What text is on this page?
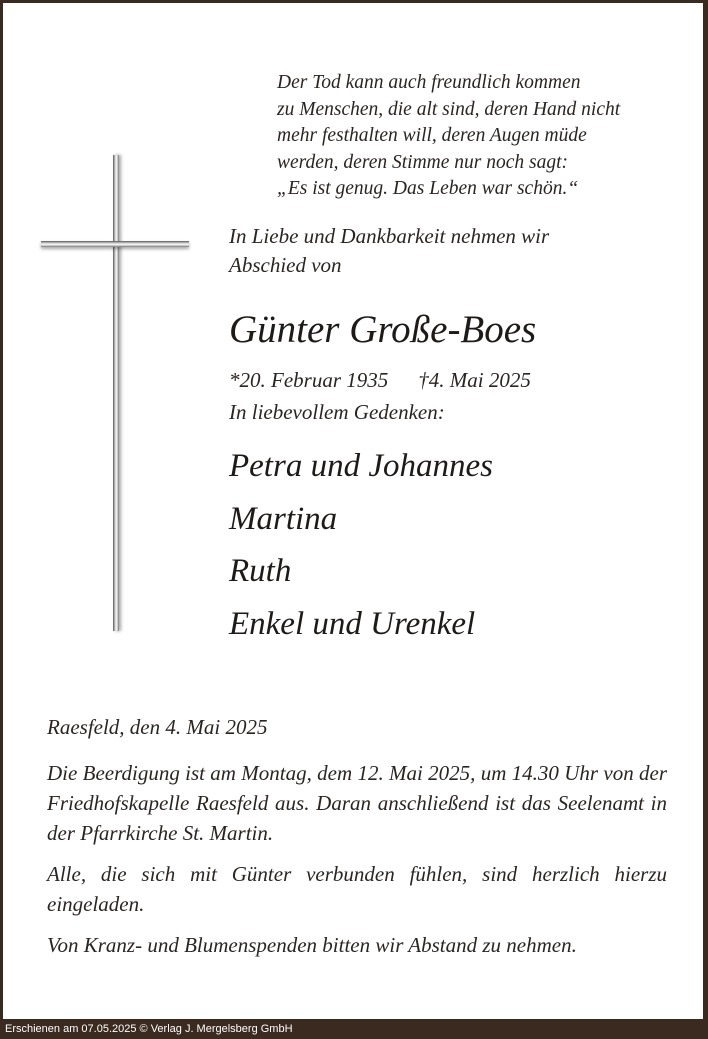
Der Tod kann auch freundlich kommen
zu Menschen, die alt sind, deren Hand nicht
mehr festhalten will, deren Augen müde
werden, deren Stimme nur noch sagt:
„Es ist genug. Das Leben war schön.“
In Liebe und Dankbarkeit nehmen wir
Abschied von
Günter Große-Boes
*20. Februar 1935 †4. Mai 2025
In liebevollem Gedenken:
Petra und Johannes
Martina
Ruth
Enkel und Urenkel

Raesfeld, den 4. Mai 2025

Die Beerdigung ist am Montag, dem 12. Mai 2025, um 14.30 Uhr von der Friedhofskapelle Raesfeld aus. Daran anschließend ist das Seelenamt in der Pfarrkirche St. Martin.

Alle, die sich mit Günter verbunden fühlen, sind herzlich hierzu eingeladen.

Von Kranz- und Blumenspenden bitten wir Abstand zu nehmen.

Erschienen am 07.05.2025 © Verlag J. Mergelsberg GmbH
